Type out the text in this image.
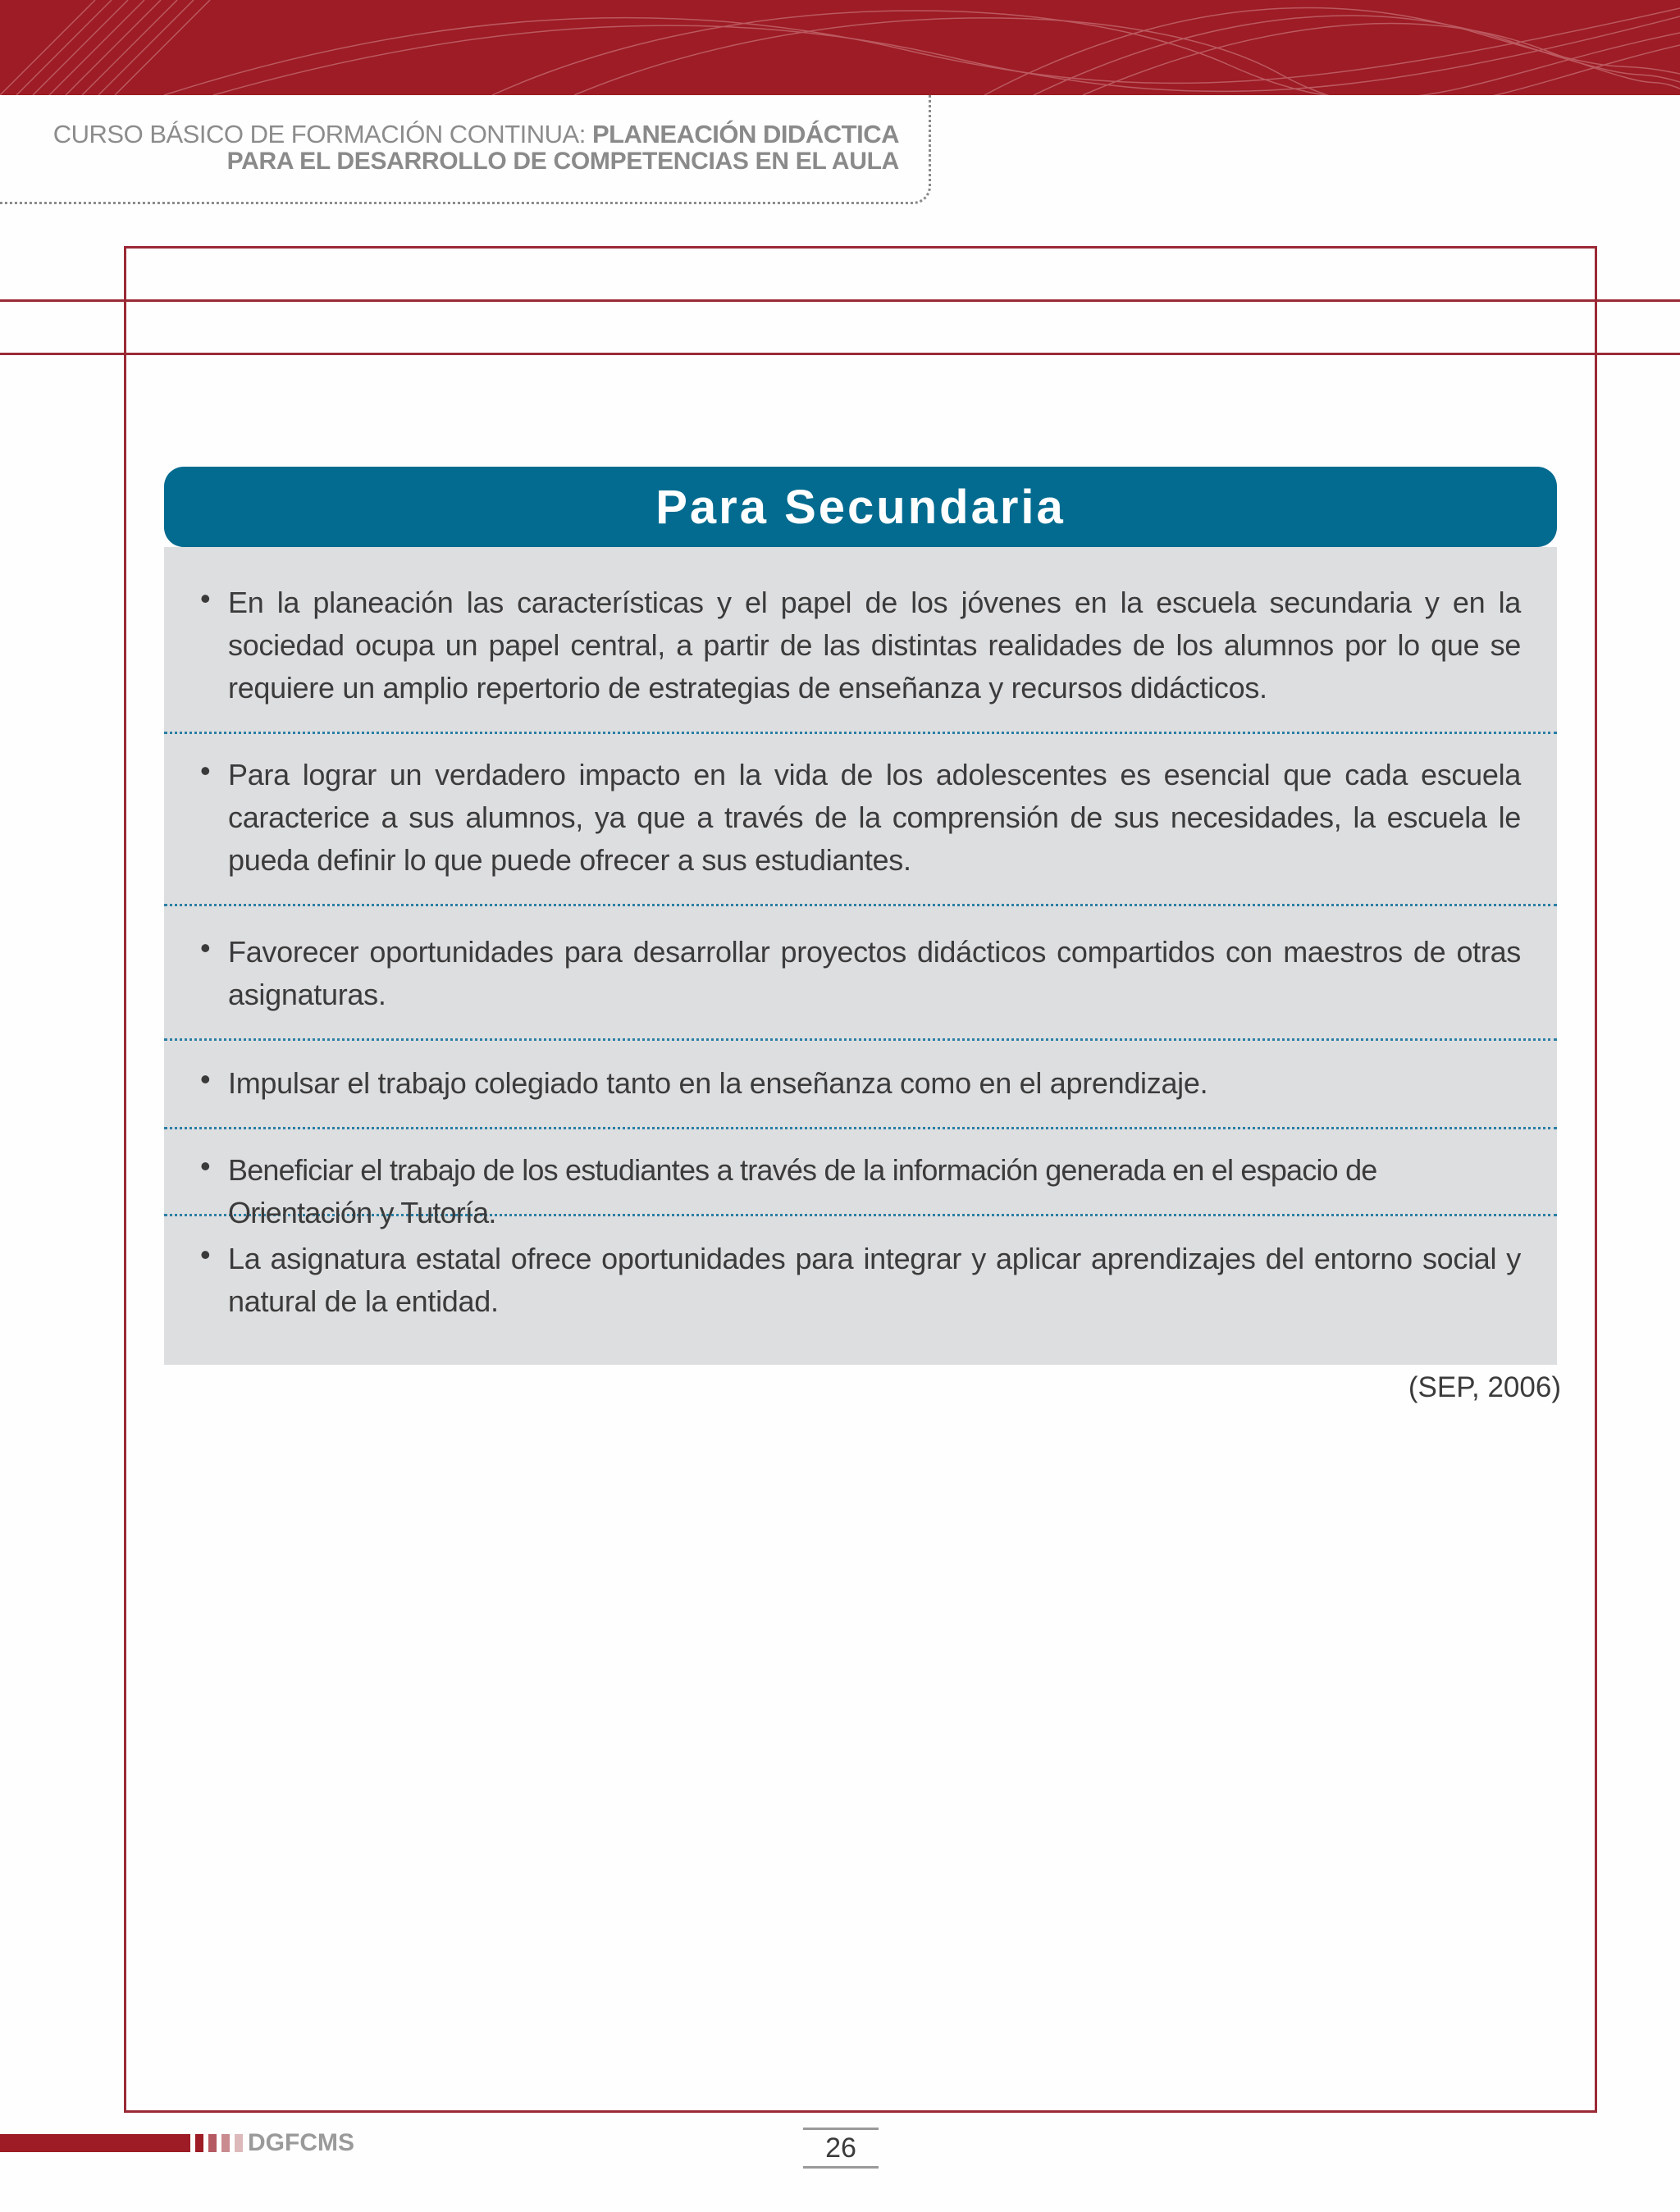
CURSO BÁSICO DE FORMACIÓN CONTINUA: PLANEACIÓN DIDÁCTICA
PARA EL DESARROLLO DE COMPETENCIAS EN EL AULA
Para Secundaria
• En la planeación las características y el papel de los jóvenes en la escuela secundaria y en la sociedad ocupa un papel central, a partir de las distintas realidades de los alumnos por lo que se requiere un amplio repertorio de estrategias de enseñanza y recursos didácticos.
• Para lograr un verdadero impacto en la vida de los adolescentes es esencial que cada escuela caracterice a sus alumnos, ya que a través de la comprensión de sus necesidades, la escuela le pueda definir lo que puede ofrecer a sus estudiantes.
• Favorecer oportunidades para desarrollar proyectos didácticos compartidos con maestros de otras asignaturas.
• Impulsar el trabajo colegiado tanto en la enseñanza como en el aprendizaje.
• Beneficiar el trabajo de los estudiantes a través de la información generada en el espacio de Orientación y Tutoría.
• La asignatura estatal ofrece oportunidades para integrar y aplicar aprendizajes del entorno social y natural de la entidad.
(SEP, 2006)
DGFCMS	26
